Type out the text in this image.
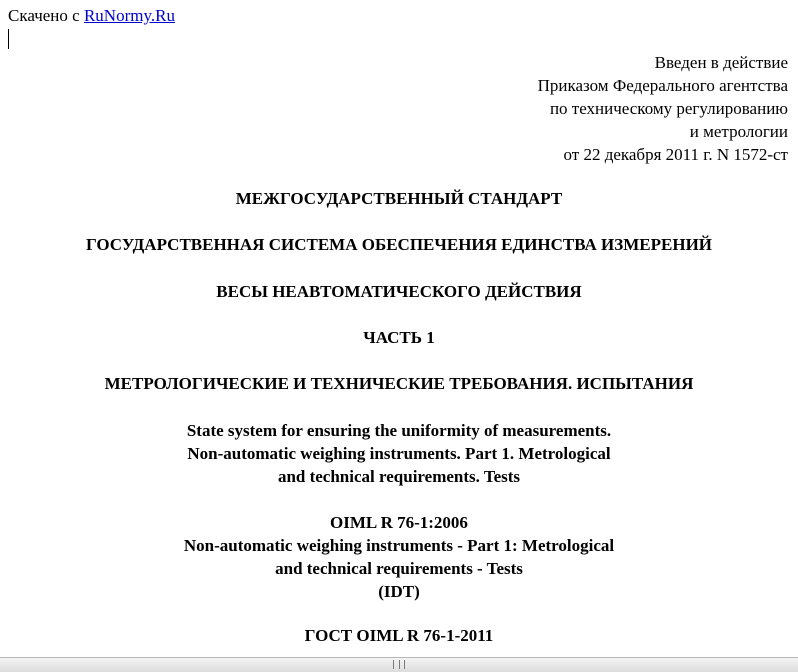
Скачено с RuNormy.Ru
Введен в действие
Приказом Федерального агентства
по техническому регулированию
и метрологии
от 22 декабря 2011 г. N 1572-ст
МЕЖГОСУДАРСТВЕННЫЙ СТАНДАРТ
ГОСУДАРСТВЕННАЯ СИСТЕМА ОБЕСПЕЧЕНИЯ ЕДИНСТВА ИЗМЕРЕНИЙ
ВЕСЫ НЕАВТОМАТИЧЕСКОГО ДЕЙСТВИЯ
ЧАСТЬ 1
МЕТРОЛОГИЧЕСКИЕ И ТЕХНИЧЕСКИЕ ТРЕБОВАНИЯ. ИСПЫТАНИЯ
State system for ensuring the uniformity of measurements.
Non-automatic weighing instruments. Part 1. Metrological
and technical requirements. Tests
OIML R 76-1:2006
Non-automatic weighing instruments - Part 1: Metrological
and technical requirements - Tests
(IDT)
ГОСТ OIML R 76-1-2011
